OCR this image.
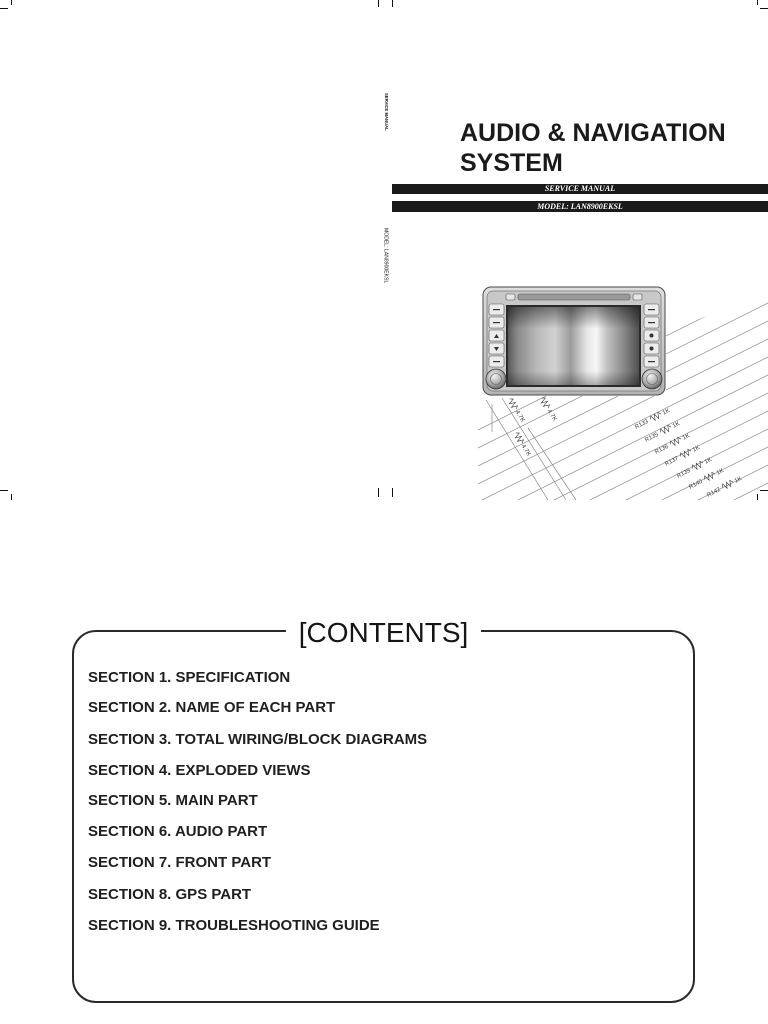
R133
1K
R135
1K
R136
1K
R137
1K
R139
1K
R140
1K
R142
1K
4.7K	4.7K
4.7K
SERVICE MANUAL
MODEL: LAN8900EKSL
AUDIO & NAVIGATION
SYSTEM
SERVICE MANUAL
MODEL: LAN8900EKSL
[CONTENTS]
SECTION 1. SPECIFICATION
SECTION 2. NAME OF EACH PART
SECTION 3. TOTAL WIRING/BLOCK DIAGRAMS
SECTION 4. EXPLODED VIEWS
SECTION 5. MAIN PART
SECTION 6. AUDIO PART
SECTION 7. FRONT PART
SECTION 8. GPS PART
SECTION 9. TROUBLESHOOTING GUIDE
